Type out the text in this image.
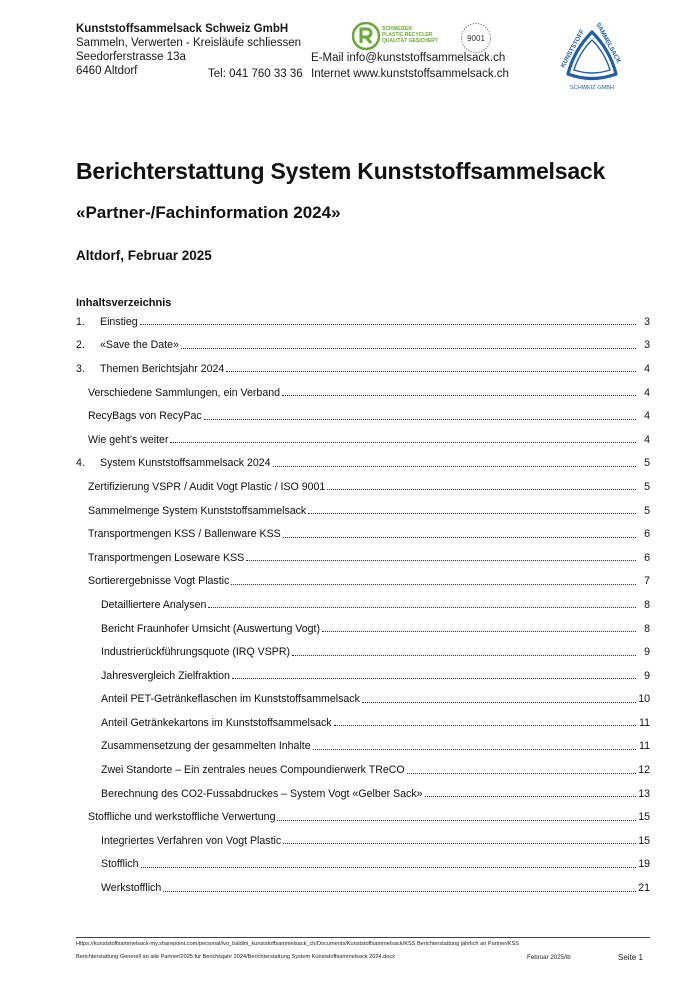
Kunststoffsammelsack Schweiz GmbH
Sammeln, Verwerten - Kreisläufe schliessen
Seedorferstrasse 13a
6460 Altdorf	Tel: 041 760 33 36
E-Mail info@kunststoffsammelsack.ch
Internet www.kunststoffsammelsack.ch
SCHWEIZER
PLASTIC RECYCLER
QUALITÄT GESICHERT	9001
KUNSTSTOFF
SAMMELSACK
SCHWEIZ GMBH
Berichterstattung System Kunststoffsammelsack
«Partner-/Fachinformation 2024»
Altdorf, Februar 2025
Inhaltsverzeichnis
1.	Einstieg	3
2.	«Save the Date»	3
3.	Themen Berichtsjahr 2024	4
Verschiedene Sammlungen, ein Verband	4
RecyBags von RecyPac	4
Wie geht’s weiter	4
4.	System Kunststoffsammelsack 2024	5
Zertifizierung VSPR / Audit Vogt Plastic / ISO 9001	5
Sammelmenge System Kunststoffsammelsack	5
Transportmengen KSS / Ballenware KSS	6
Transportmengen Loseware KSS	6
Sortierergebnisse Vogt Plastic	7
Detailliertere Analysen	8
Bericht Fraunhofer Umsicht (Auswertung Vogt)	8
Industrierückführungsquote (IRQ VSPR)	9
Jahresvergleich Zielfraktion	9
Anteil PET-Getränkeflaschen im Kunststoffsammelsack	10
Anteil Getränkekartons im Kunststoffsammelsack	11
Zusammensetzung der gesammelten Inhalte	11
Zwei Standorte – Ein zentrales neues Compoundierwerk TReCO	12
Berechnung des CO2-Fussabdruckes – System Vogt «Gelber Sack»	13
Stoffliche und werkstoffliche Verwertung	15
Integriertes Verfahren von Vogt Plastic	15
Stofflich	19
Werkstofflich	21
Https://kunststoffsammelsack-my.sharepoint.com/personal/ivo_baldini_kunststoffsammelsack_ch/Documents/Kunststoffsammelsack/KSS Berichterstattung jährlich an Partner/KSS
Berichterstattung Generell an alle Partner/2025 für Berichtsjahr 2024/Berichterstattung System Kunststoffsammelsack 2024.docx	Februar 2025/ib	Seite 1
